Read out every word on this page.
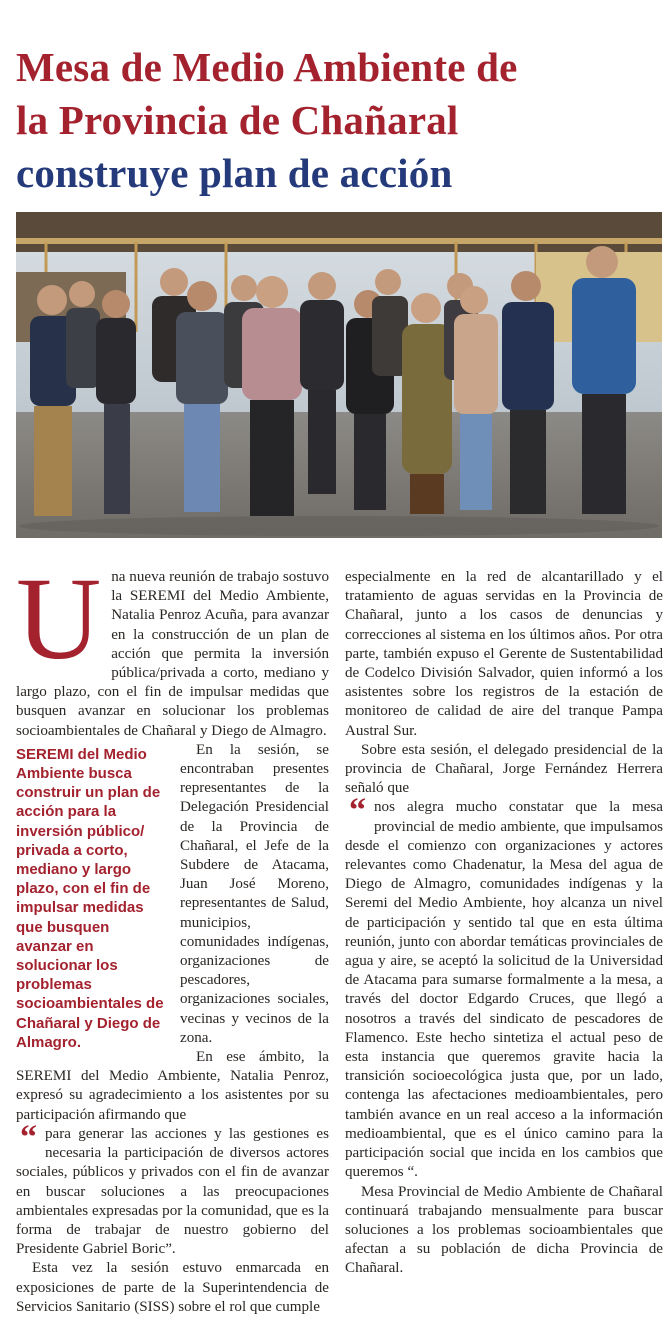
Mesa de Medio Ambiente de
la Provincia de Chañaral
construye plan de acción
U na nueva reunión de trabajo sostuvo la SEREMI del Medio Ambiente, Natalia Penroz Acuña, para avanzar en la construcción de un plan de acción que permita la inversión pública/privada a corto, mediano y largo plazo, con el fin de impulsar medidas que busquen avanzar en solucionar los problemas socioambientales de Chañaral y Diego de Almagro.

SEREMI del Medio Ambiente busca construir un plan de acción para la inversión público/ privada a corto, mediano y largo plazo, con el fin de impulsar medidas que busquen avanzar en solucionar los problemas socioambientales de Chañaral y Diego de Almagro.

En la sesión, se encontraban presentes representantes de la Delegación Presidencial de la Provincia de Chañaral, el Jefe de la Subdere de Atacama, Juan José Moreno, representantes de Salud, municipios, comunidades indígenas, organizaciones de pescadores, organizaciones sociales, vecinas y vecinos de la zona.

En ese ámbito, la SEREMI del Medio Ambiente, Natalia Penroz, expresó su agradecimiento a los asistentes por su participación afirmando que

“ para generar las acciones y las gestiones es necesaria la participación de diversos actores sociales, públicos y privados con el fin de avanzar en buscar soluciones a las preocupaciones ambientales expresadas por la comunidad, que es la forma de trabajar de nuestro gobierno del Presidente Gabriel Boric”.

Esta vez la sesión estuvo enmarcada en exposiciones de parte de la Superintendencia de Servicios Sanitario (SISS) sobre el rol que cumple

especialmente en la red de alcantarillado y el tratamiento de aguas servidas en la Provincia de Chañaral, junto a los casos de denuncias y correcciones al sistema en los últimos años. Por otra parte, también expuso el Gerente de Sustentabilidad de Codelco División Salvador, quien informó a los asistentes sobre los registros de la estación de monitoreo de calidad de aire del tranque Pampa Austral Sur.

Sobre esta sesión, el delegado presidencial de la provincia de Chañaral, Jorge Fernández Herrera señaló que

“ nos alegra mucho constatar que la mesa provincial de medio ambiente, que impulsamos desde el comienzo con organizaciones y actores relevantes como Chadenatur, la Mesa del agua de Diego de Almagro, comunidades indígenas y la Seremi del Medio Ambiente, hoy alcanza un nivel de participación y sentido tal que en esta última reunión, junto con abordar temáticas provinciales de agua y aire, se aceptó la solicitud de la Universidad de Atacama para sumarse formalmente a la mesa, a través del doctor Edgardo Cruces, que llegó a nosotros a través del sindicato de pescadores de Flamenco. Este hecho sintetiza el actual peso de esta instancia que queremos gravite hacia la transición socioecológica justa que, por un lado, contenga las afectaciones medioambientales, pero también avance en un real acceso a la información medioambiental, que es el único camino para la participación social que incida en los cambios que queremos “.

Mesa Provincial de Medio Ambiente de Chañaral continuará trabajando mensualmente para buscar soluciones a los problemas socioambientales que afectan a su población de dicha Provincia de Chañaral.
